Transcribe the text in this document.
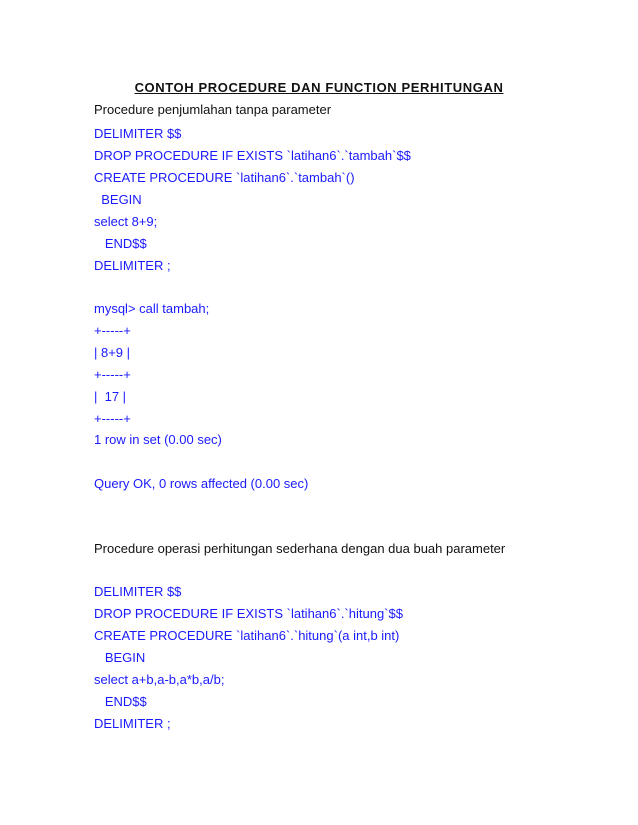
CONTOH PROCEDURE DAN FUNCTION PERHITUNGAN
Procedure penjumlahan tanpa parameter
DELIMITER $$
DROP PROCEDURE IF EXISTS `latihan6`.`tambah`$$
CREATE PROCEDURE `latihan6`.`tambah`()
BEGIN
select 8+9;
END$$
DELIMITER ;
mysql> call tambah;
+-----+
| 8+9 |
+-----+
|  17 |
+-----+
1 row in set (0.00 sec)
Query OK, 0 rows affected (0.00 sec)
Procedure operasi perhitungan sederhana dengan dua buah parameter
DELIMITER $$
DROP PROCEDURE IF EXISTS `latihan6`.`hitung`$$
CREATE PROCEDURE `latihan6`.`hitung`(a int,b int)
BEGIN
select a+b,a-b,a*b,a/b;
END$$
DELIMITER ;
